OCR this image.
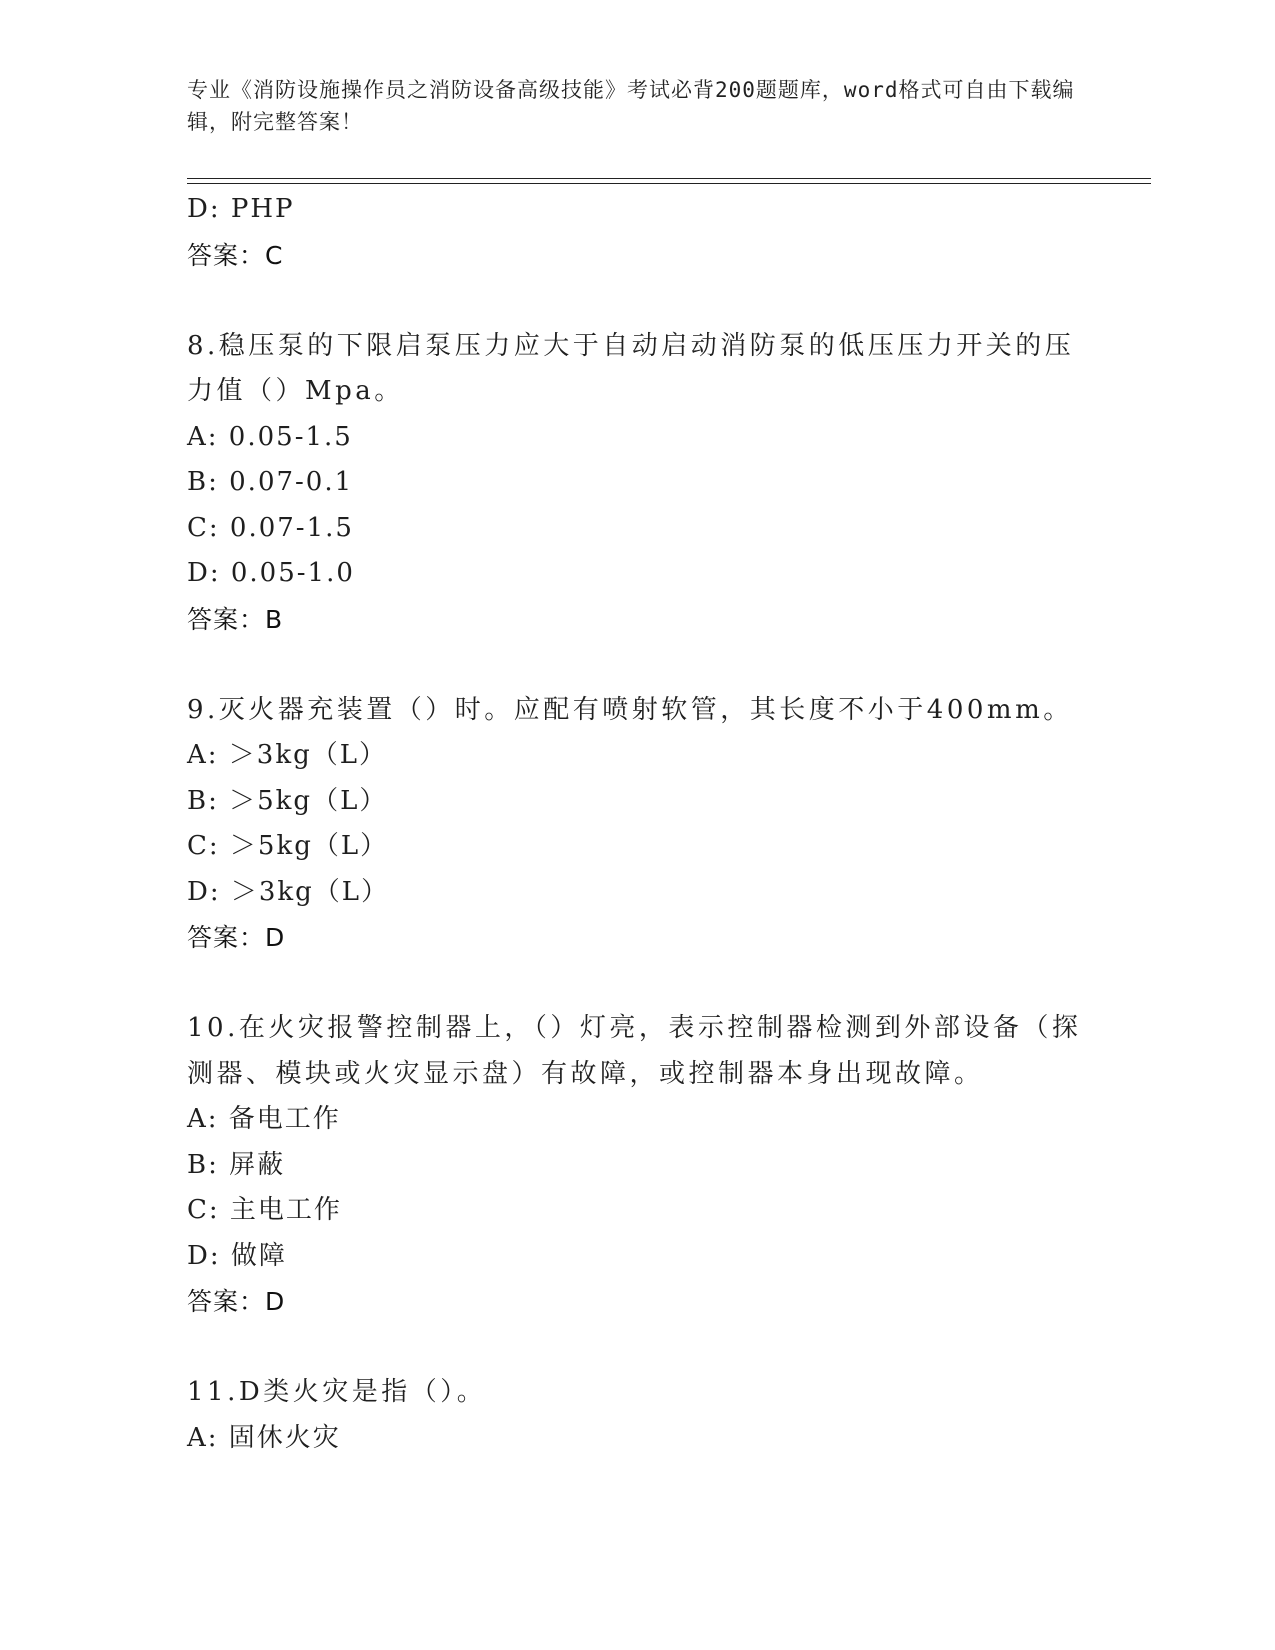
专业《消防设施操作员之消防设备高级技能》考试必背200题题库，word格式可自由下载编辑，附完整答案！
D: PHP
答案：C
8.稳压泵的下限启泵压力应大于自动启动消防泵的低压压力开关的压力值（）Mpa。
A: 0.05-1.5
B: 0.07-0.1
C: 0.07-1.5
D: 0.05-1.0
答案：B
9.灭火器充装置（）时。应配有喷射软管，其长度不小于400mm。
A: ＞3kg（L）
B: ＞5kg（L）
C: ＞5kg（L）
D: ＞3kg（L）
答案：D
10.在火灾报警控制器上，（）灯亮，表示控制器检测到外部设备（探测器、模块或火灾显示盘）有故障，或控制器本身出现故障。
A: 备电工作
B: 屏蔽
C: 主电工作
D: 做障
答案：D
11.D类火灾是指（）。
A: 固休火灾
